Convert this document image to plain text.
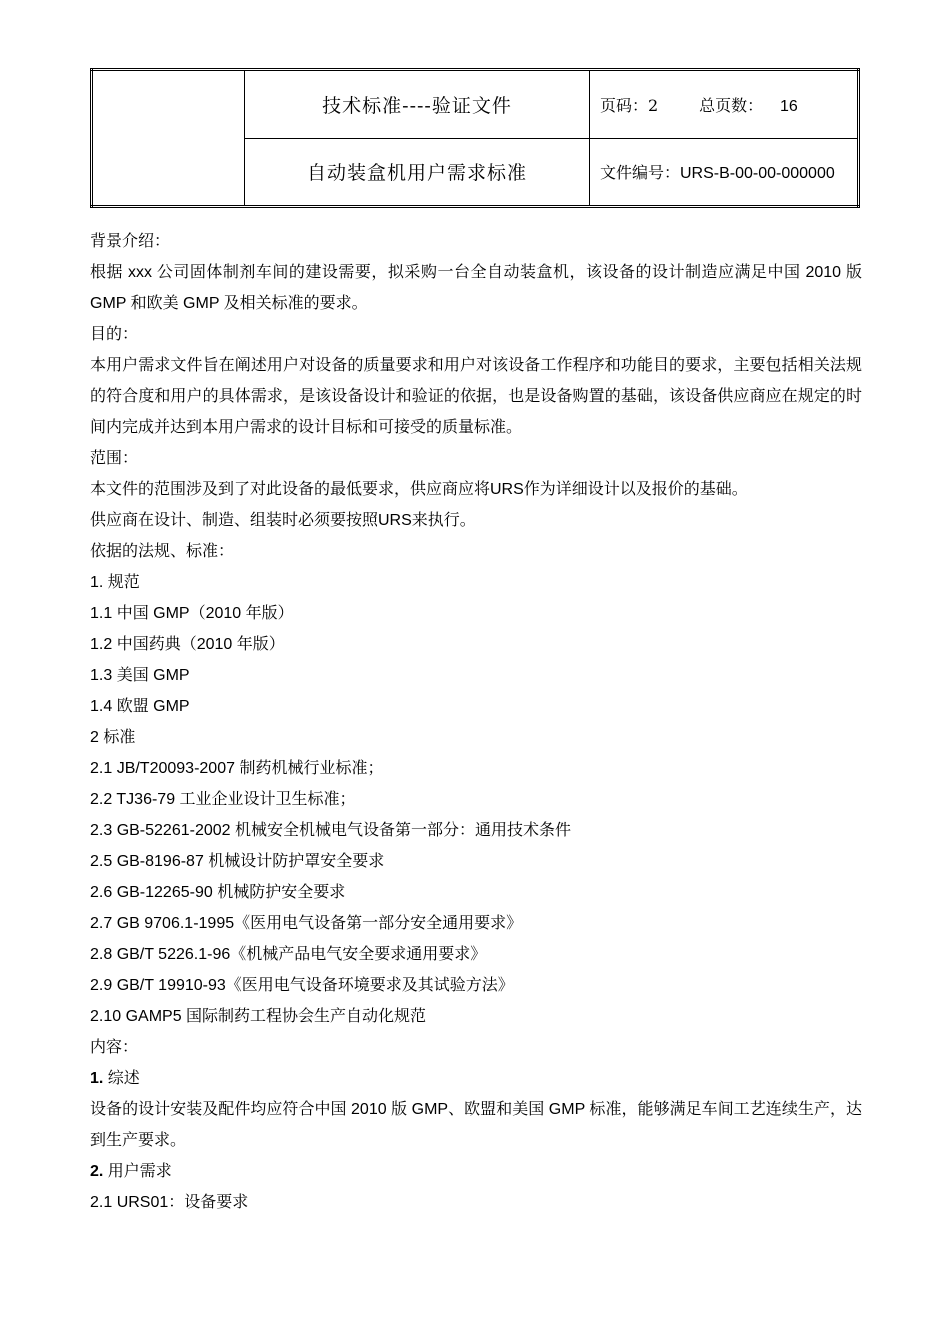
	技术标准----验证文件	页码：2 总页数： 16
	自动装盒机用户需求标准	文件编号：URS-B-00-00-000000
背景介绍：
根据 xxx 公司固体制剂车间的建设需要，拟采购一台全自动装盒机，该设备的设计制造应满足中国 2010 版 GMP 和欧美 GMP 及相关标准的要求。
目的：
本用户需求文件旨在阐述用户对设备的质量要求和用户对该设备工作程序和功能目的要求，主要包括相关法规的符合度和用户的具体需求，是该设备设计和验证的依据，也是设备购置的基础，该设备供应商应在规定的时间内完成并达到本用户需求的设计目标和可接受的质量标准。
范围：
本文件的范围涉及到了对此设备的最低要求，供应商应将URS作为详细设计以及报价的基础。
供应商在设计、制造、组装时必须要按照URS来执行。
依据的法规、标准：
1. 规范
1.1 中国 GMP（2010 年版）
1.2 中国药典（2010 年版）
1.3 美国 GMP
1.4 欧盟 GMP
2 标准
2.1 JB/T20093-2007 制药机械行业标准；
2.2 TJ36-79 工业企业设计卫生标准；
2.3 GB-52261-2002 机械安全机械电气设备第一部分：通用技术条件
2.5 GB-8196-87 机械设计防护罩安全要求
2.6 GB-12265-90 机械防护安全要求
2.7 GB 9706.1-1995《医用电气设备第一部分安全通用要求》
2.8 GB/T 5226.1-96《机械产品电气安全要求通用要求》
2.9 GB/T 19910-93《医用电气设备环境要求及其试验方法》
2.10 GAMP5 国际制药工程协会生产自动化规范
内容：
1. 综述
设备的设计安装及配件均应符合中国 2010 版 GMP、欧盟和美国 GMP 标准，能够满足车间工艺连续生产，达到生产要求。
2. 用户需求
2.1 URS01：设备要求
